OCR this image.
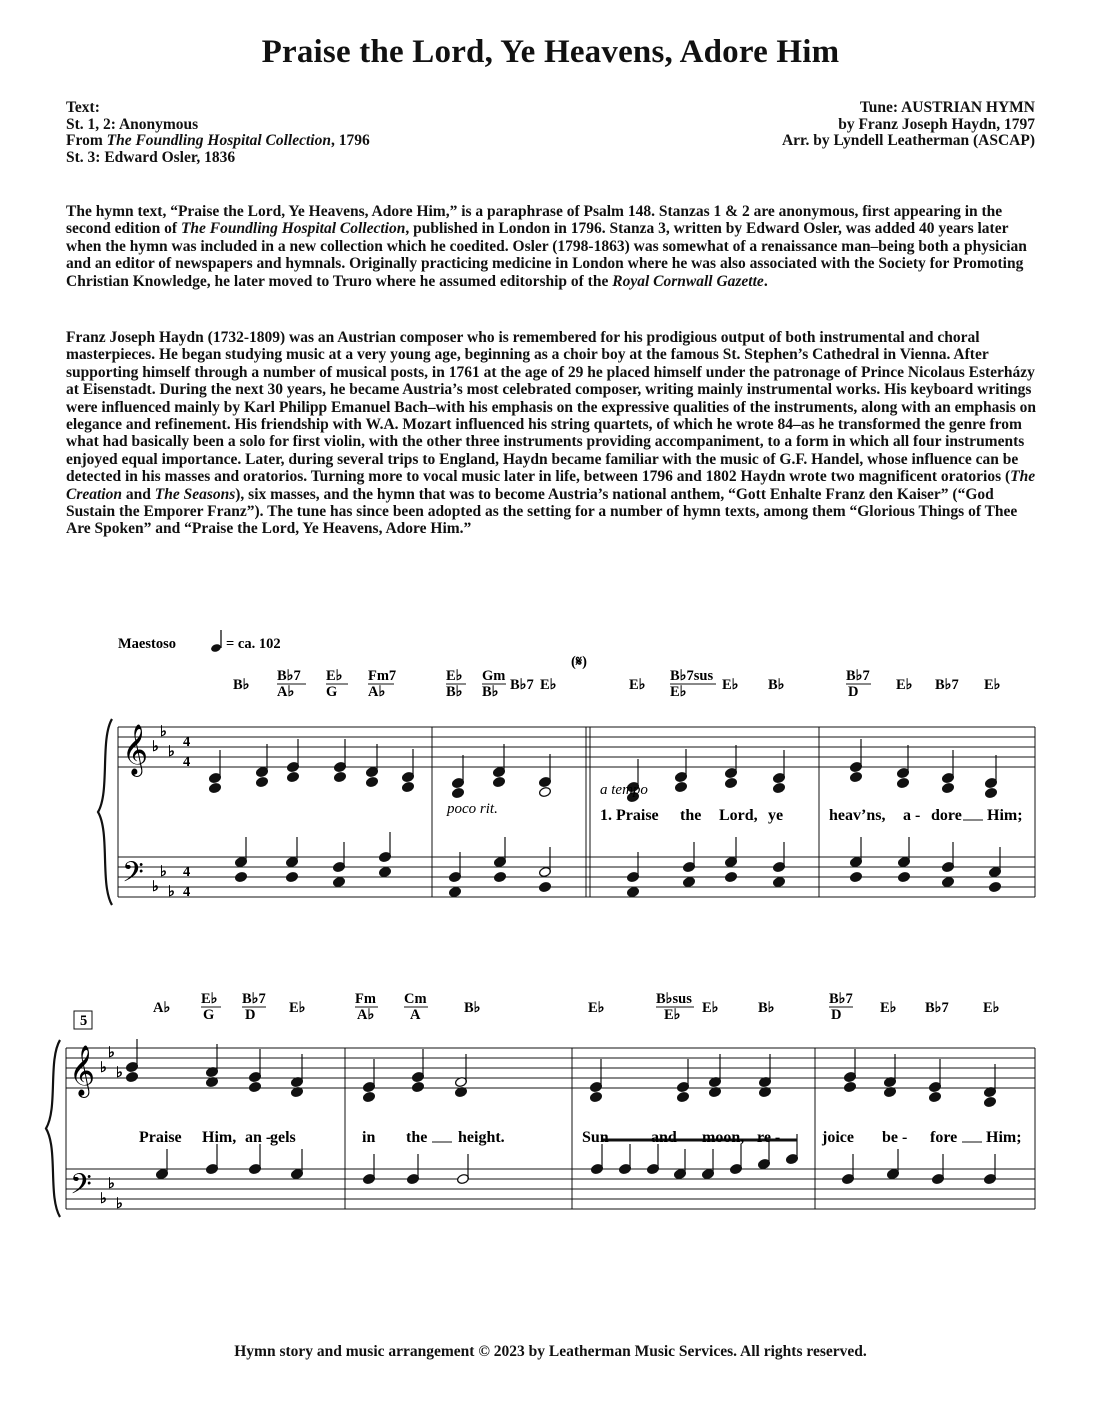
Praise the Lord, Ye Heavens, Adore Him
Text:
St. 1, 2: Anonymous
From The Foundling Hospital Collection, 1796
St. 3: Edward Osler, 1836
Tune: AUSTRIAN HYMN
by Franz Joseph Haydn, 1797
Arr. by Lyndell Leatherman (ASCAP)

The hymn text, “Praise the Lord, Ye Heavens, Adore Him,” is a paraphrase of Psalm 148. Stanzas 1 & 2 are anonymous, first appearing in the second edition of The Foundling Hospital Collection, published in London in 1796. Stanza 3, written by Edward Osler, was added 40 years later when the hymn was included in a new collection which he coedited. Osler (1798-1863) was somewhat of a renaissance man–being both a physician and an editor of newspapers and hymnals. Originally practicing medicine in London where he was also associated with the Society for Promoting Christian Knowledge, he later moved to Truro where he assumed editorship of the Royal Cornwall Gazette.

Franz Joseph Haydn (1732-1809) was an Austrian composer who is remembered for his prodigious output of both instrumental and choral masterpieces. He began studying music at a very young age, beginning as a choir boy at the famous St. Stephen’s Cathedral in Vienna. After supporting himself through a number of musical posts, in 1761 at the age of 29 he placed himself under the patronage of Prince Nicolaus Esterházy at Eisenstadt. During the next 30 years, he became Austria’s most celebrated composer, writing mainly instrumental works. His keyboard writings were influenced mainly by Karl Philipp Emanuel Bach–with his emphasis on the expressive qualities of the instruments, along with an emphasis on elegance and refinement. His friendship with W.A. Mozart influenced his string quartets, of which he wrote 84–as he transformed the genre from what had basically been a solo for first violin, with the other three instruments providing accompaniment, to a form in which all four instruments enjoyed equal importance. Later, during several trips to England, Haydn became familiar with the music of G.F. Handel, whose influence can be detected in his masses and oratorios. Turning more to vocal music later in life, between 1796 and 1802 Haydn wrote two magnificent oratorios (The Creation and The Seasons), six masses, and the hymn that was to become Austria’s national anthem, “Gott Enhalte Franz den Kaiser” (“God Sustain the Emporer Franz”). The tune has since been adopted as the setting for a number of hymn texts, among them “Glorious Things of Thee Are Spoken” and “Praise the Lord, Ye Heavens, Adore Him.”

𝄞
𝄢
𝄞
𝄢
♭
♭
♭
♭
♭
♭
♭
♭
♭
♭
♭
♭
4
4
4
4
Maestoso	= ca. 102
(𝄋)
5
poco rit.
a tempo
B♭
B♭7
A♭
E♭
G
Fm7
A♭
E♭
B♭
Gm
B♭ B♭7 E♭	E♭
B♭7sus
E♭ E♭ B♭
B♭7
D	E♭ B♭7 E♭
A♭
E♭
G
B♭7
D E♭
Fm
A♭
Cm
A	B♭	E♭
B♭sus
E♭ E♭	B♭
B♭7
D	E♭ B♭7 E♭
1. Praise the Lord, ye	heav’ns, a - dore Him;
Praise Him, an -
gels	in the height.	Sun	and moon, re -	joice be - fore Him;
Hymn story and music arrangement © 2023 by Leatherman Music Services. All rights reserved.
